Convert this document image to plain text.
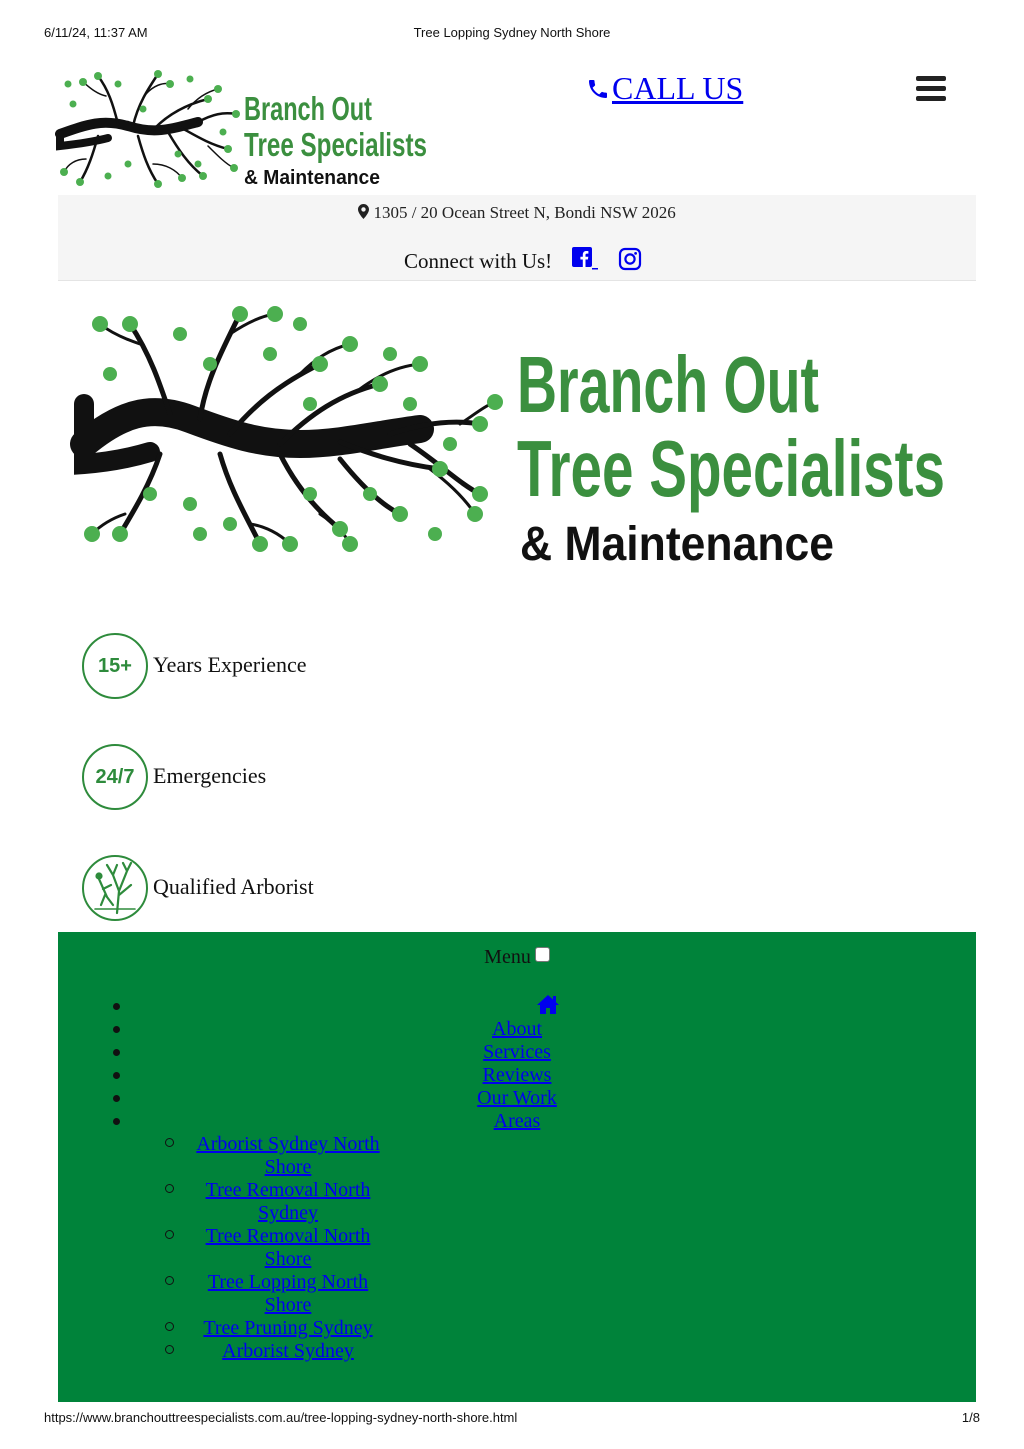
6/11/24, 11:37 AM	Tree Lopping Sydney North Shore
Branch Out
Tree Specialists
& Maintenance
CALL US
1305 / 20 Ocean Street N, Bondi NSW 2026
Connect with Us!
Branch Out
Tree Specialists
& Maintenance
15+ Years Experience
24/7 Emergencies
Qualified Arborist
Menu
About
Services
Reviews
Our Work
Areas
Arborist Sydney North
Shore
Tree Removal North
Sydney
Tree Removal North
Shore
Tree Lopping North
Shore
Tree Pruning Sydney
Arborist Sydney
https://www.branchouttreespecialists.com.au/tree-lopping-sydney-north-shore.html	1/8
